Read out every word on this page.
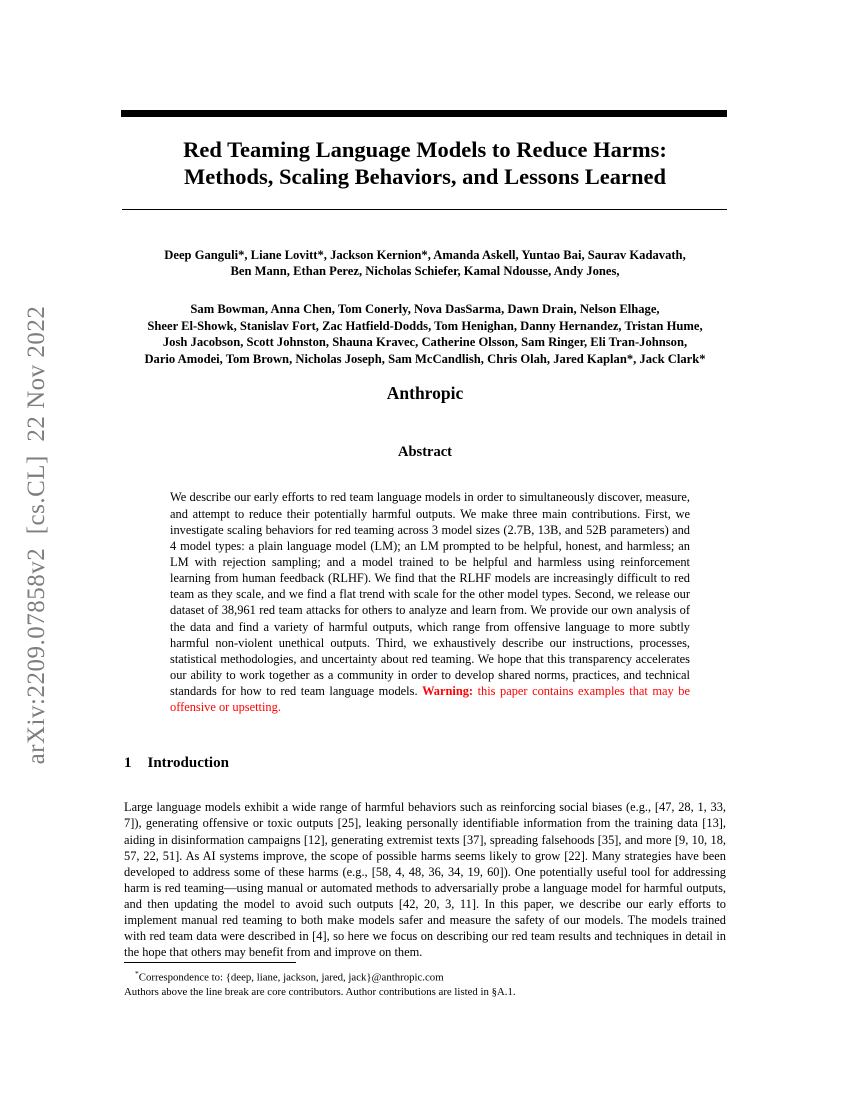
arXiv:2209.07858v2  [cs.CL]  22 Nov 2022
Red Teaming Language Models to Reduce Harms:
Methods, Scaling Behaviors, and Lessons Learned
Deep Ganguli*, Liane Lovitt*, Jackson Kernion*, Amanda Askell, Yuntao Bai, Saurav Kadavath,
Ben Mann, Ethan Perez, Nicholas Schiefer, Kamal Ndousse, Andy Jones,
Sam Bowman, Anna Chen, Tom Conerly, Nova DasSarma, Dawn Drain, Nelson Elhage,
Sheer El-Showk, Stanislav Fort, Zac Hatfield-Dodds, Tom Henighan, Danny Hernandez, Tristan Hume,
Josh Jacobson, Scott Johnston, Shauna Kravec, Catherine Olsson, Sam Ringer, Eli Tran-Johnson,
Dario Amodei, Tom Brown, Nicholas Joseph, Sam McCandlish, Chris Olah, Jared Kaplan*, Jack Clark*
Anthropic
Abstract

We describe our early efforts to red team language models in order to simultaneously discover, measure, and attempt to reduce their potentially harmful outputs. We make three main contributions. First, we investigate scaling behaviors for red teaming across 3 model sizes (2.7B, 13B, and 52B parameters) and 4 model types: a plain language model (LM); an LM prompted to be helpful, honest, and harmless; an LM with rejection sampling; and a model trained to be helpful and harmless using reinforcement learning from human feedback (RLHF). We find that the RLHF models are increasingly difficult to red team as they scale, and we find a flat trend with scale for the other model types. Second, we release our dataset of 38,961 red team attacks for others to analyze and learn from. We provide our own analysis of the data and find a variety of harmful outputs, which range from offensive language to more subtly harmful non-violent unethical outputs. Third, we exhaustively describe our instructions, processes, statistical methodologies, and uncertainty about red teaming. We hope that this transparency accelerates our ability to work together as a community in order to develop shared norms, practices, and technical standards for how to red team language models. Warning: this paper contains examples that may be offensive or upsetting.

1 Introduction

Large language models exhibit a wide range of harmful behaviors such as reinforcing social biases (e.g., [47, 28, 1, 33, 7]), generating offensive or toxic outputs [25], leaking personally identifiable information from the training data [13], aiding in disinformation campaigns [12], generating extremist texts [37], spreading falsehoods [35], and more [9, 10, 18, 57, 22, 51]. As AI systems improve, the scope of possible harms seems likely to grow [22]. Many strategies have been developed to address some of these harms (e.g., [58, 4, 48, 36, 34, 19, 60]). One potentially useful tool for addressing harm is red teaming—using manual or automated methods to adversarially probe a language model for harmful outputs, and then updating the model to avoid such outputs [42, 20, 3, 11]. In this paper, we describe our early efforts to implement manual red teaming to both make models safer and measure the safety of our models. The models trained with red team data were described in [4], so here we focus on describing our red team results and techniques in detail in the hope that others may benefit from and improve on them.

*Correspondence to: {deep, liane, jackson, jared, jack}@anthropic.com
Authors above the line break are core contributors. Author contributions are listed in §A.1.
